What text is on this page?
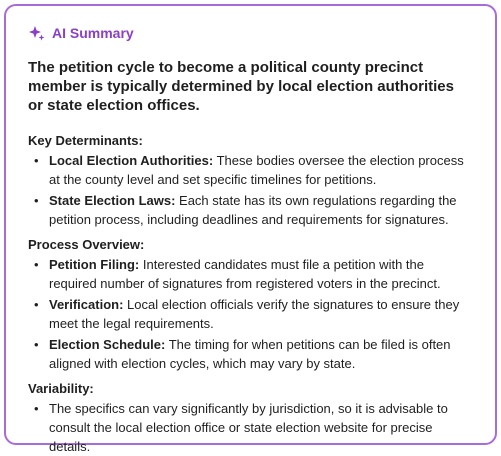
AI Summary

The petition cycle to become a political county precinct member is typically determined by local election authorities or state election offices.

Key Determinants:
• Local Election Authorities: These bodies oversee the election process at the county level and set specific timelines for petitions.
• State Election Laws: Each state has its own regulations regarding the petition process, including deadlines and requirements for signatures.
Process Overview:
• Petition Filing: Interested candidates must file a petition with the required number of signatures from registered voters in the precinct.
• Verification: Local election officials verify the signatures to ensure they meet the legal requirements.
• Election Schedule: The timing for when petitions can be filed is often aligned with election cycles, which may vary by state.
Variability:
• The specifics can vary significantly by jurisdiction, so it is advisable to consult the local election office or state election website for precise details.
